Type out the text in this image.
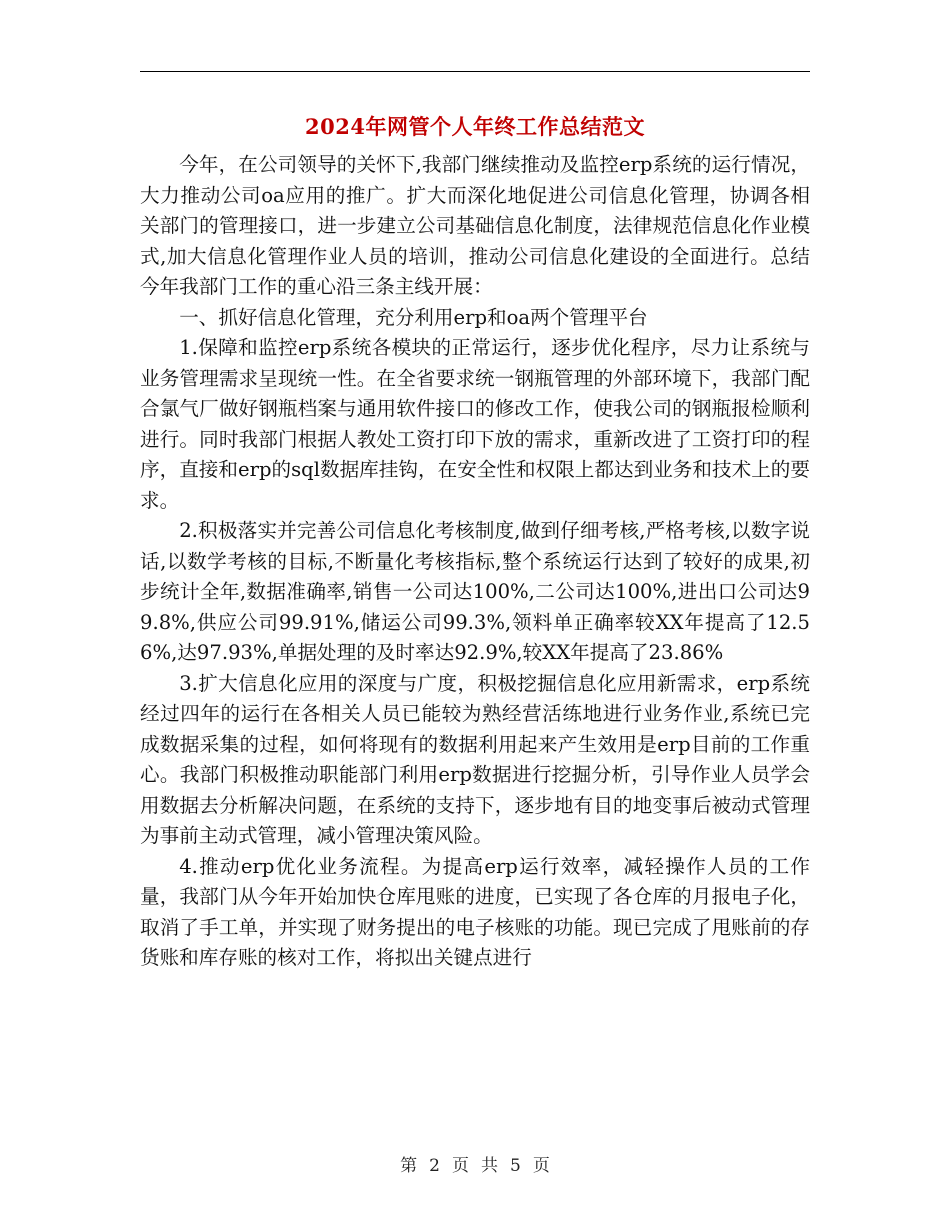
2024年网管个人年终工作总结范文

今年，在公司领导的关怀下,我部门继续推动及监控erp系统的运行情况，大力推动公司oa应用的推广。扩大而深化地促进公司信息化管理，协调各相关部门的管理接口，进一步建立公司基础信息化制度，法律规范信息化作业模式,加大信息化管理作业人员的培训，推动公司信息化建设的全面进行。总结今年我部门工作的重心沿三条主线开展：

一、抓好信息化管理，充分利用erp和oa两个管理平台

1.保障和监控erp系统各模块的正常运行，逐步优化程序，尽力让系统与业务管理需求呈现统一性。在全省要求统一钢瓶管理的外部环境下，我部门配合氯气厂做好钢瓶档案与通用软件接口的修改工作，使我公司的钢瓶报检顺利进行。同时我部门根据人教处工资打印下放的需求，重新改进了工资打印的程序，直接和erp的sql数据库挂钩，在安全性和权限上都达到业务和技术上的要求。

2.积极落实并完善公司信息化考核制度,做到仔细考核,严格考核,以数字说话,以数学考核的目标,不断量化考核指标,整个系统运行达到了较好的成果,初步统计全年,数据准确率,销售一公司达100%,二公司达100%,进出口公司达99.8%,供应公司99.91%,储运公司99.3%,领料单正确率较XX年提高了12.56%,达97.93%,单据处理的及时率达92.9%,较XX年提高了23.86%

3.扩大信息化应用的深度与广度，积极挖掘信息化应用新需求，erp系统经过四年的运行在各相关人员已能较为熟经营活练地进行业务作业,系统已完成数据采集的过程，如何将现有的数据利用起来产生效用是erp目前的工作重心。我部门积极推动职能部门利用erp数据进行挖掘分析，引导作业人员学会用数据去分析解决问题，在系统的支持下，逐步地有目的地变事后被动式管理为事前主动式管理，减小管理决策风险。

4.推动erp优化业务流程。为提高erp运行效率，减轻操作人员的工作量，我部门从今年开始加快仓库甩账的进度，已实现了各仓库的月报电子化，取消了手工单，并实现了财务提出的电子核账的功能。现已完成了甩账前的存货账和库存账的核对工作，将拟出关键点进行

第 2 页 共 5 页
